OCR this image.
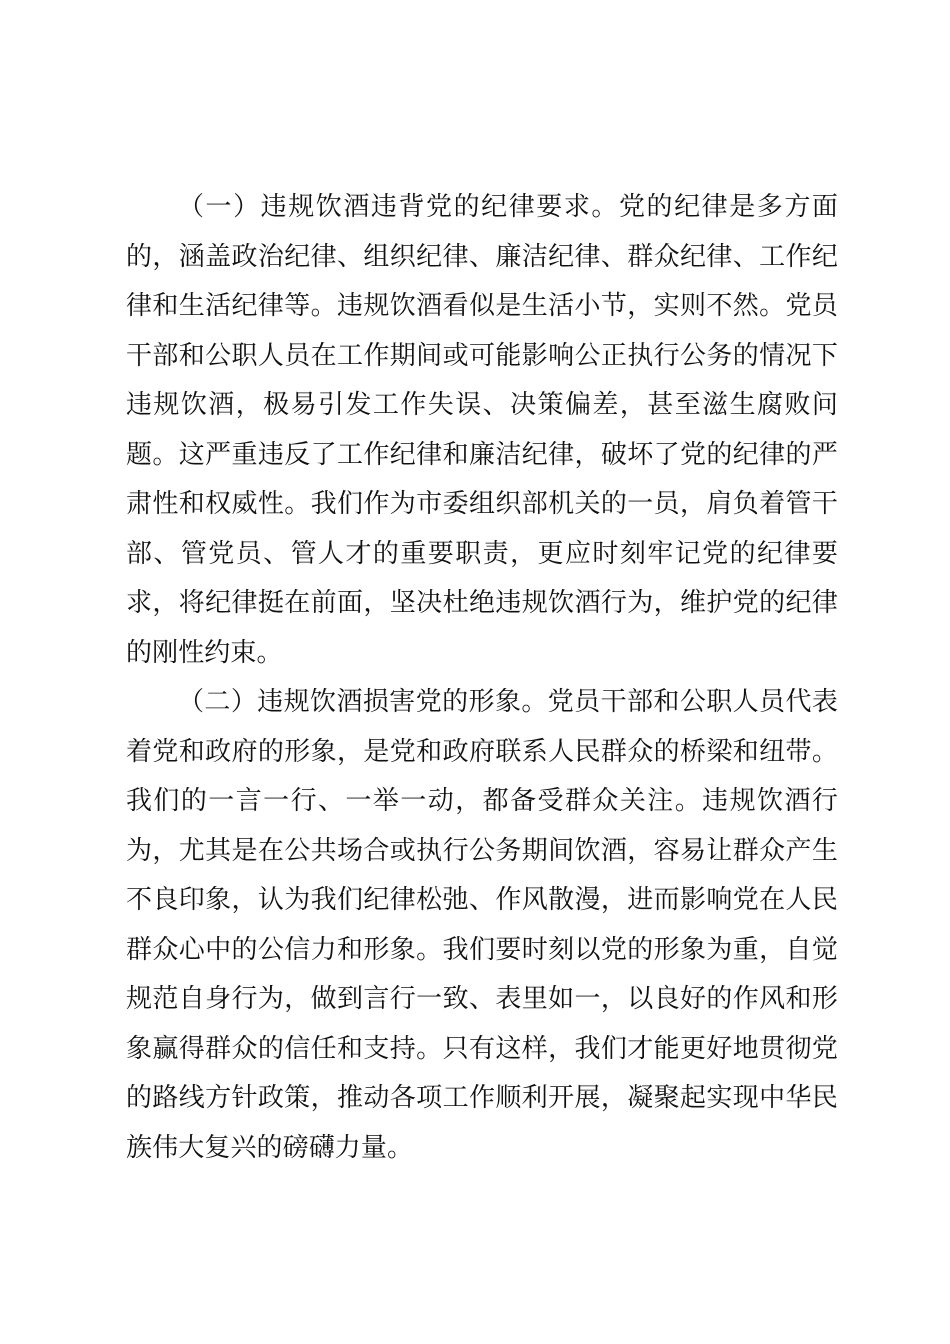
（一）违规饮酒违背党的纪律要求。党的纪律是多方面的，涵盖政治纪律、组织纪律、廉洁纪律、群众纪律、工作纪律和生活纪律等。违规饮酒看似是生活小节，实则不然。党员干部和公职人员在工作期间或可能影响公正执行公务的情况下违规饮酒，极易引发工作失误、决策偏差，甚至滋生腐败问题。这严重违反了工作纪律和廉洁纪律，破坏了党的纪律的严肃性和权威性。我们作为市委组织部机关的一员，肩负着管干部、管党员、管人才的重要职责，更应时刻牢记党的纪律要求，将纪律挺在前面，坚决杜绝违规饮酒行为，维护党的纪律的刚性约束。

（二）违规饮酒损害党的形象。党员干部和公职人员代表着党和政府的形象，是党和政府联系人民群众的桥梁和纽带。我们的一言一行、一举一动，都备受群众关注。违规饮酒行为，尤其是在公共场合或执行公务期间饮酒，容易让群众产生不良印象，认为我们纪律松弛、作风散漫，进而影响党在人民群众心中的公信力和形象。我们要时刻以党的形象为重，自觉规范自身行为，做到言行一致、表里如一，以良好的作风和形象赢得群众的信任和支持。只有这样，我们才能更好地贯彻党的路线方针政策，推动各项工作顺利开展，凝聚起实现中华民族伟大复兴的磅礴力量。
